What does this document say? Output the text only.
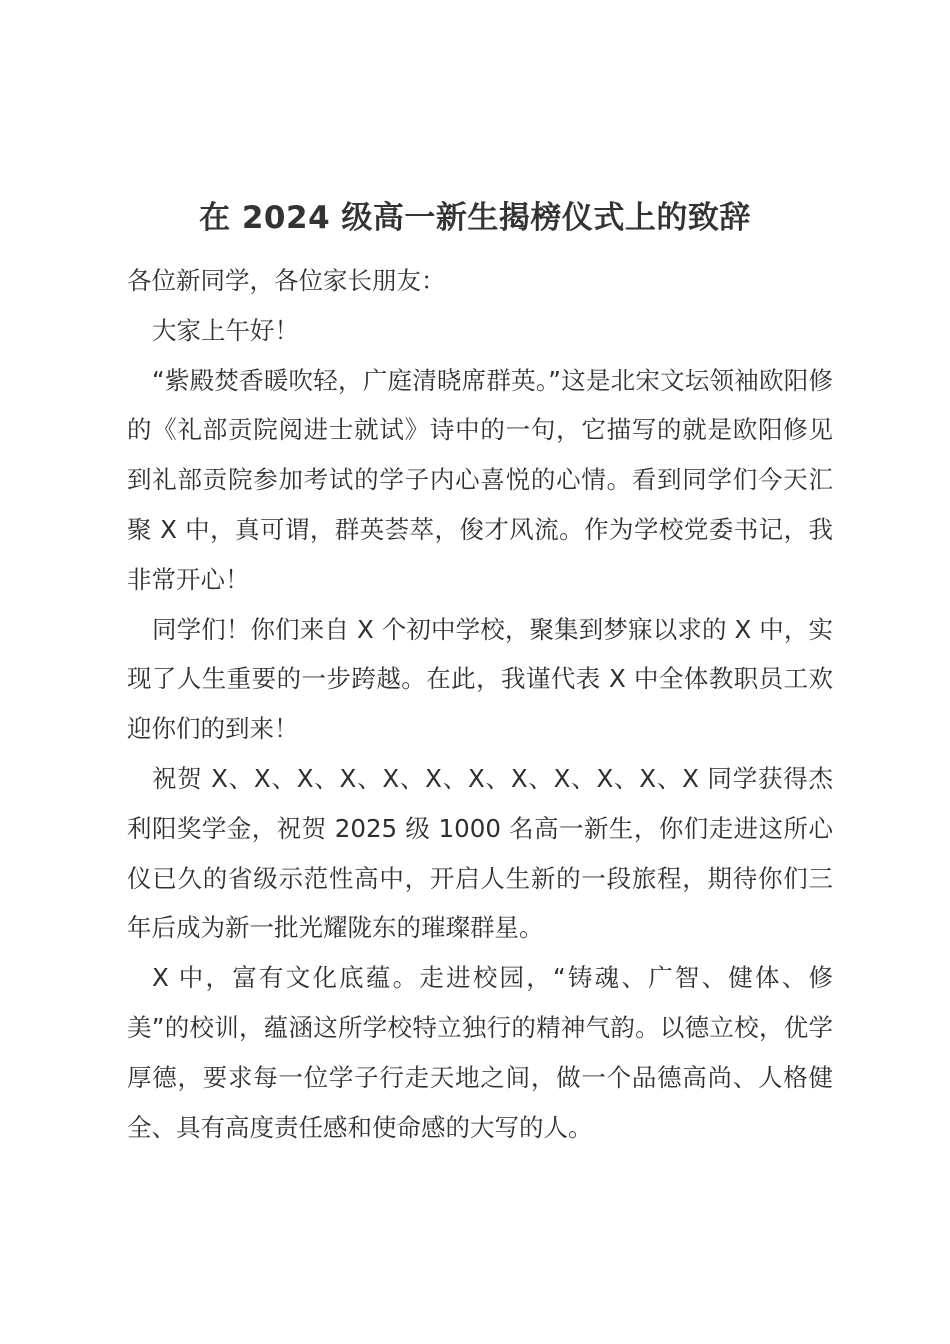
在 2024 级高一新生揭榜仪式上的致辞

各位新同学，各位家长朋友：

大家上午好！

“紫殿焚香暖吹轻，广庭清晓席群英。”这是北宋文坛领袖欧阳修的《礼部贡院阅进士就试》诗中的一句，它描写的就是欧阳修见到礼部贡院参加考试的学子内心喜悦的心情。看到同学们今天汇聚 X 中，真可谓，群英荟萃，俊才风流。作为学校党委书记，我非常开心！

同学们！你们来自 X 个初中学校，聚集到梦寐以求的 X 中，实现了人生重要的一步跨越。在此，我谨代表 X 中全体教职员工欢迎你们的到来！

祝贺 X、X、X、X、X、X、X、X、X、X、X、X 同学获得杰利阳奖学金，祝贺 2025 级 1000 名高一新生，你们走进这所心仪已久的省级示范性高中，开启人生新的一段旅程，期待你们三年后成为新一批光耀陇东的璀璨群星。

X 中，富有文化底蕴。走进校园，“铸魂、广智、健体、修美”的校训，蕴涵这所学校特立独行的精神气韵。以德立校，优学厚德，要求每一位学子行走天地之间，做一个品德高尚、人格健全、具有高度责任感和使命感的大写的人。
